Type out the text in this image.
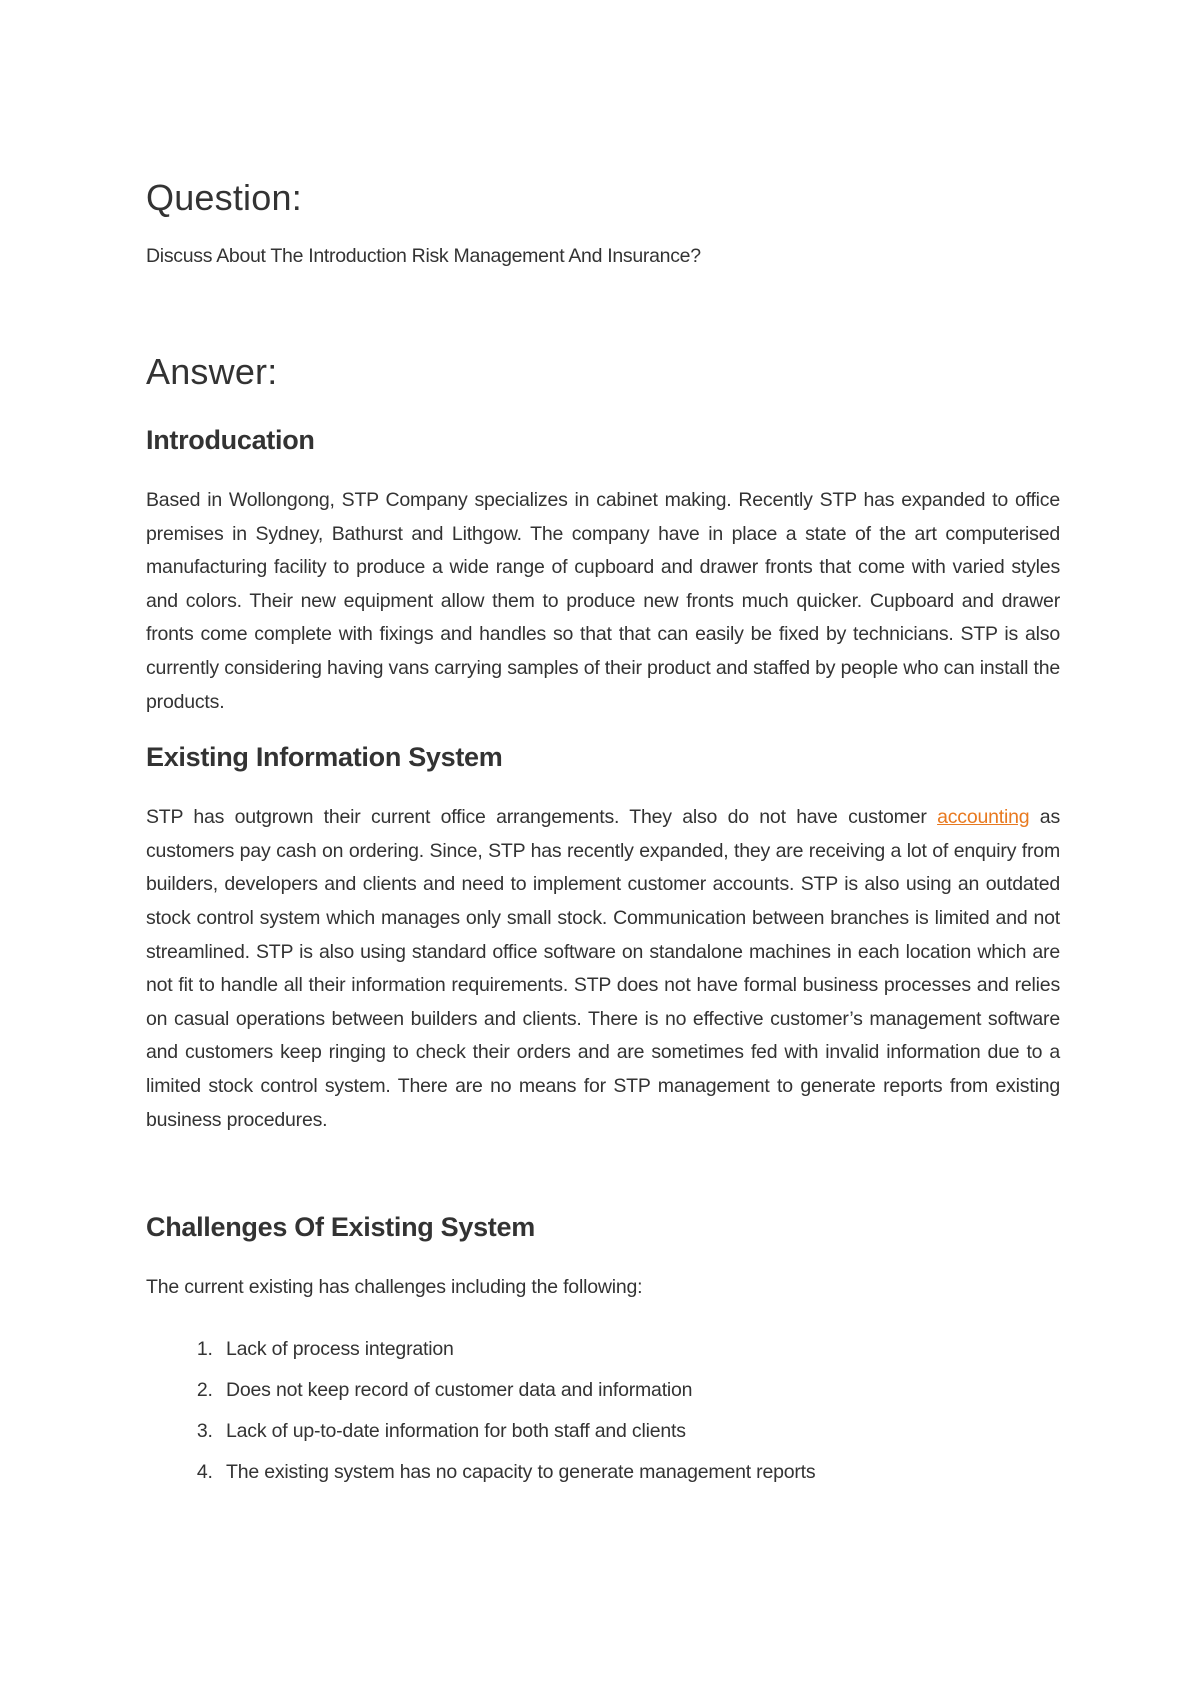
Question:

Discuss About The Introduction Risk Management And Insurance?

Answer:
Introducation

Based in Wollongong, STP Company specializes in cabinet making. Recently STP has expanded to office premises in Sydney, Bathurst and Lithgow. The company have in place a state of the art computerised manufacturing facility to produce a wide range of cupboard and drawer fronts that come with varied styles and colors. Their new equipment allow them to produce new fronts much quicker. Cupboard and drawer fronts come complete with fixings and handles so that that can easily be fixed by technicians. STP is also currently considering having vans carrying samples of their product and staffed by people who can install the products.

Existing Information System

STP has outgrown their current office arrangements. They also do not have customer accounting as customers pay cash on ordering. Since, STP has recently expanded, they are receiving a lot of enquiry from builders, developers and clients and need to implement customer accounts. STP is also using an outdated stock control system which manages only small stock. Communication between branches is limited and not streamlined. STP is also using standard office software on standalone machines in each location which are not fit to handle all their information requirements. STP does not have formal business processes and relies on casual operations between builders and clients. There is no effective customer’s management software and customers keep ringing to check their orders and are sometimes fed with invalid information due to a limited stock control system. There are no means for STP management to generate reports from existing business procedures.

Challenges Of Existing System

The current existing has challenges including the following:

1. Lack of process integration
2. Does not keep record of customer data and information
3. Lack of up-to-date information for both staff and clients
4. The existing system has no capacity to generate management reports
